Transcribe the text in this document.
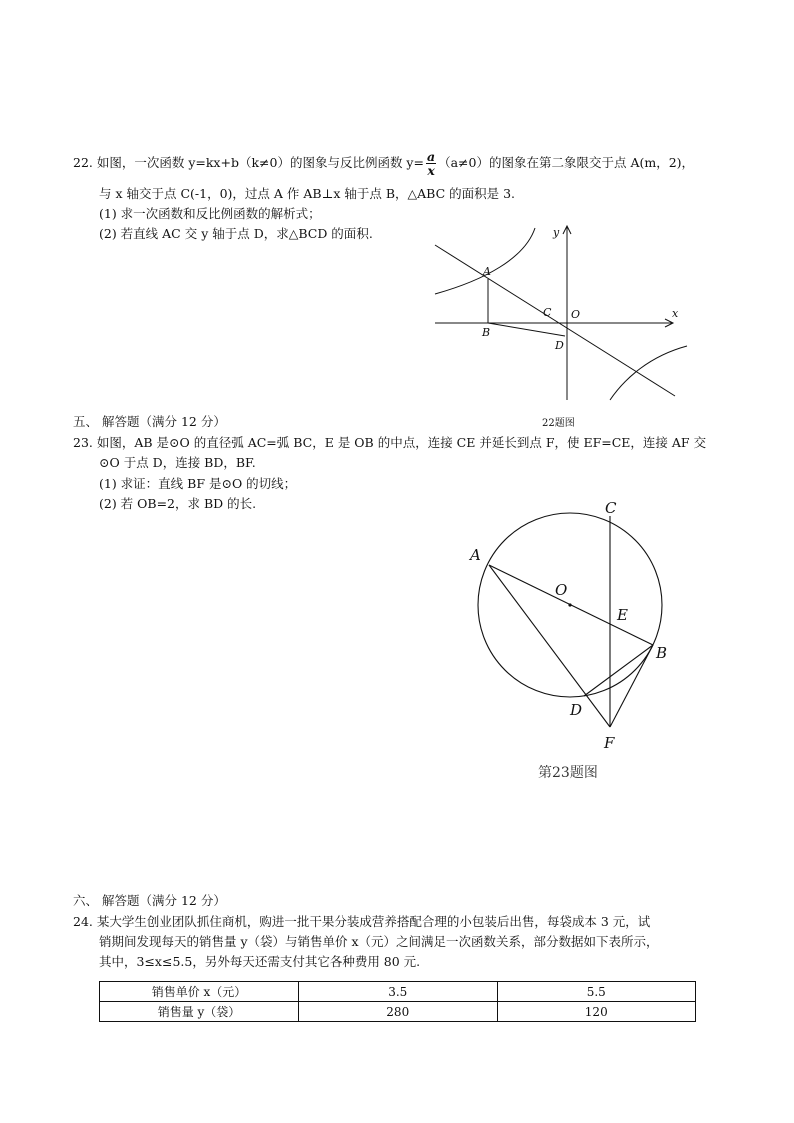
22. 如图，一次函数 y=kx+b（k≠0）的图象与反比例函数 $y= \frac{a}{x} (a\ne 0)$的图象在第二象限交于点 A(m，2)，
与 x 轴交于点 C(-1，0)，过点 A 作 AB⊥x 轴于点 B，△ABC 的面积是 3.
(1) 求一次函数和反比例函数的解析式；
(2) 若直线 AC 交 y 轴于点 D，求△BCD 的面积.	y
x
A
B
C O
D
22题图
五、 解答题（满分 12 分）
23. 如图，AB 是⊙O 的直径弧 AC=弧 BC，E 是 OB 的中点，连接 CE 并延长到点 F，使 EF=CE，连接 AF 交
⊙O 于点 D，连接 BD，BF.
(1) 求证：直线 BF 是⊙O 的切线；
(2) 若 OB=2，求 BD 的长.	C
A
O
E
B
D
F
第23题图
六、 解答题（满分 12 分）
24. 某大学生创业团队抓住商机，购进一批干果分装成营养搭配合理的小包装后出售，每袋成本 3 元，试
销期间发现每天的销售量 y（袋）与销售单价 x（元）之间满足一次函数关系，部分数据如下表所示，
其中，3≤x≤5.5，另外每天还需支付其它各种费用 80 元.
销售单价 x（元）	3.5	5.5
销售量 y（袋）	280	120
